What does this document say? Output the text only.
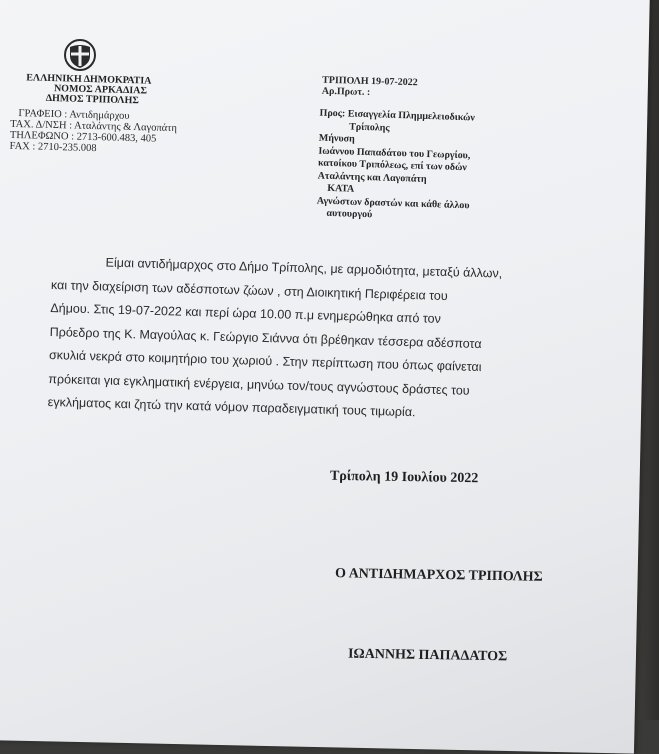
ΕΛΛΗΝΙΚΗ ΔΗΜΟΚΡΑΤΙΑ
ΝΟΜΟΣ ΑΡΚΑΔΙΑΣ
ΔΗΜΟΣ ΤΡΙΠΟΛΗΣ
ΓΡΑΦΕΙΟ : Αντιδημάρχου
ΤΑΧ. Δ/ΝΣΗ : Αταλάντης & Λαγοπάτη
ΤΗΛΕΦΩΝΟ : 2713-600.483, 405
FAX : 2710-235.008
ΤΡΙΠΟΛΗ 19-07-2022
Αρ.Πρωτ. :
Προς: Εισαγγελία Πλημμελειοδικών
Τρίπολης
Μήνυση
Ιωάννου Παπαδάτου του Γεωργίου,
κατοίκου Τριπόλεως, επί των οδών
Αταλάντης και Λαγοπάτη
ΚΑΤΑ
Αγνώστων δραστών και κάθε άλλου
αυτουργού
Είμαι αντιδήμαρχος στο Δήμο Τρίπολης, με αρμοδιότητα, μεταξύ άλλων,
και την διαχείριση των αδέσποτων ζώων , στη Διοικητική Περιφέρεια του
Δήμου. Στις 19-07-2022 και περί ώρα 10.00 π.μ ενημερώθηκα από τον
Πρόεδρο της Κ. Μαγούλας κ. Γεώργιο Σιάννα ότι βρέθηκαν τέσσερα αδέσποτα
σκυλιά νεκρά στο κοιμητήριο του χωριού . Στην περίπτωση που όπως φαίνεται
πρόκειται για εγκληματική ενέργεια, μηνύω τον/τους αγνώστους δράστες του
εγκλήματος και ζητώ την κατά νόμον παραδειγματική τους τιμωρία.
Τρίπολη 19 Ιουλίου 2022
Ο ΑΝΤΙΔΗΜΑΡΧΟΣ ΤΡΙΠΟΛΗΣ
ΙΩΑΝΝΗΣ ΠΑΠΑΔΑΤΟΣ
